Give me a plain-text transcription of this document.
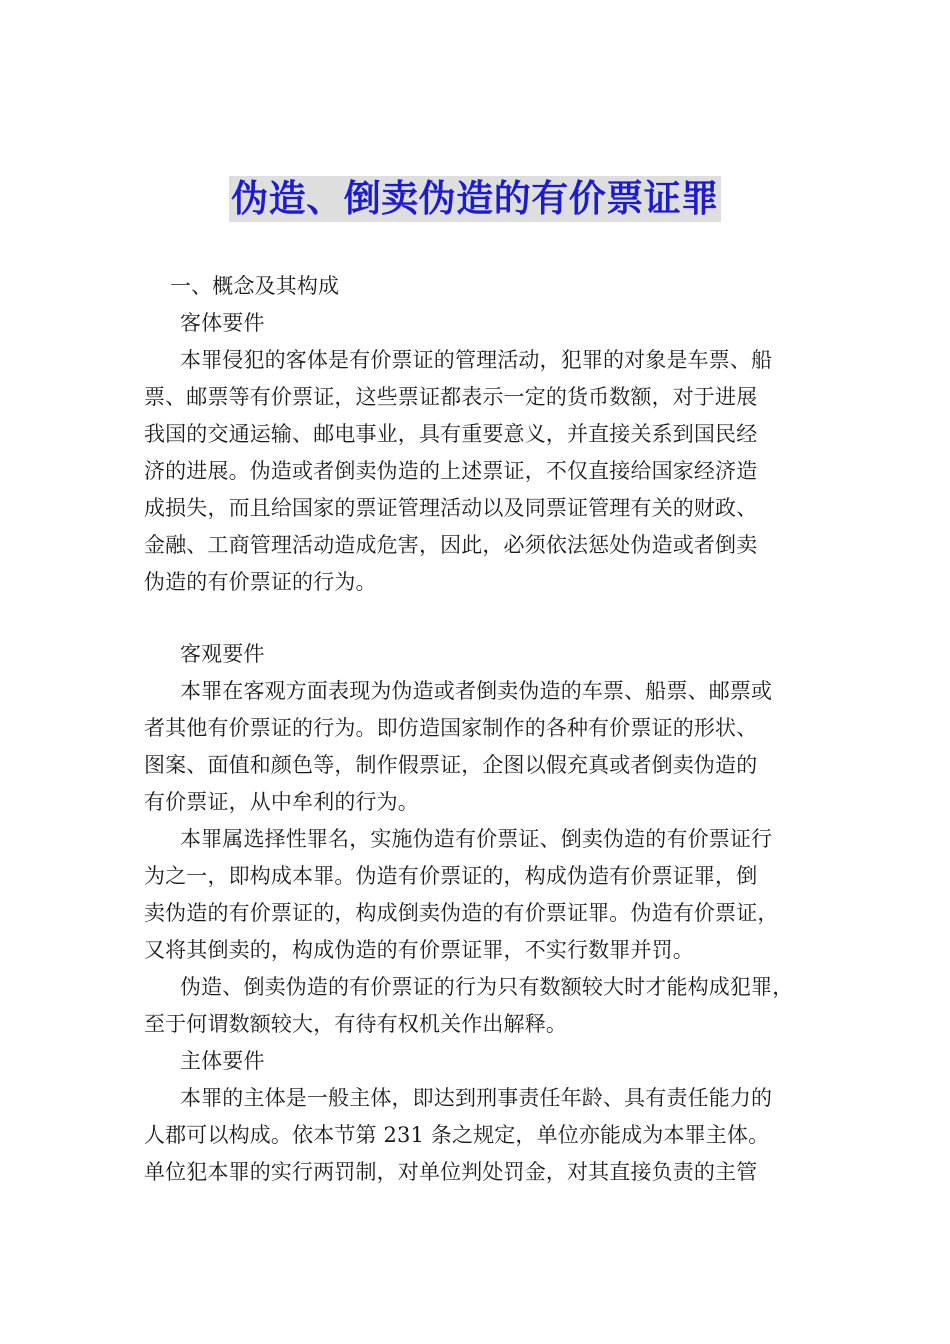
伪造、倒卖伪造的有价票证罪
一、概念及其构成
客体要件
本罪侵犯的客体是有价票证的管理活动，犯罪的对象是车票、船
票、邮票等有价票证，这些票证都表示一定的货币数额，对于进展
我国的交通运输、邮电事业，具有重要意义，并直接关系到国民经
济的进展。伪造或者倒卖伪造的上述票证，不仅直接给国家经济造
成损失，而且给国家的票证管理活动以及同票证管理有关的财政、
金融、工商管理活动造成危害，因此，必须依法惩处伪造或者倒卖
伪造的有价票证的行为。
客观要件
本罪在客观方面表现为伪造或者倒卖伪造的车票、船票、邮票或
者其他有价票证的行为。即仿造国家制作的各种有价票证的形状、
图案、面值和颜色等，制作假票证，企图以假充真或者倒卖伪造的
有价票证，从中牟利的行为。
本罪属选择性罪名，实施伪造有价票证、倒卖伪造的有价票证行
为之一，即构成本罪。伪造有价票证的，构成伪造有价票证罪，倒
卖伪造的有价票证的，构成倒卖伪造的有价票证罪。伪造有价票证，
又将其倒卖的，构成伪造的有价票证罪，不实行数罪并罚。
伪造、倒卖伪造的有价票证的行为只有数额较大时才能构成犯罪，
至于何谓数额较大，有待有权机关作出解释。
主体要件
本罪的主体是一般主体，即达到刑事责任年龄、具有责任能力的
人郡可以构成。依本节第 231 条之规定，单位亦能成为本罪主体。
单位犯本罪的实行两罚制，对单位判处罚金，对其直接负责的主管
